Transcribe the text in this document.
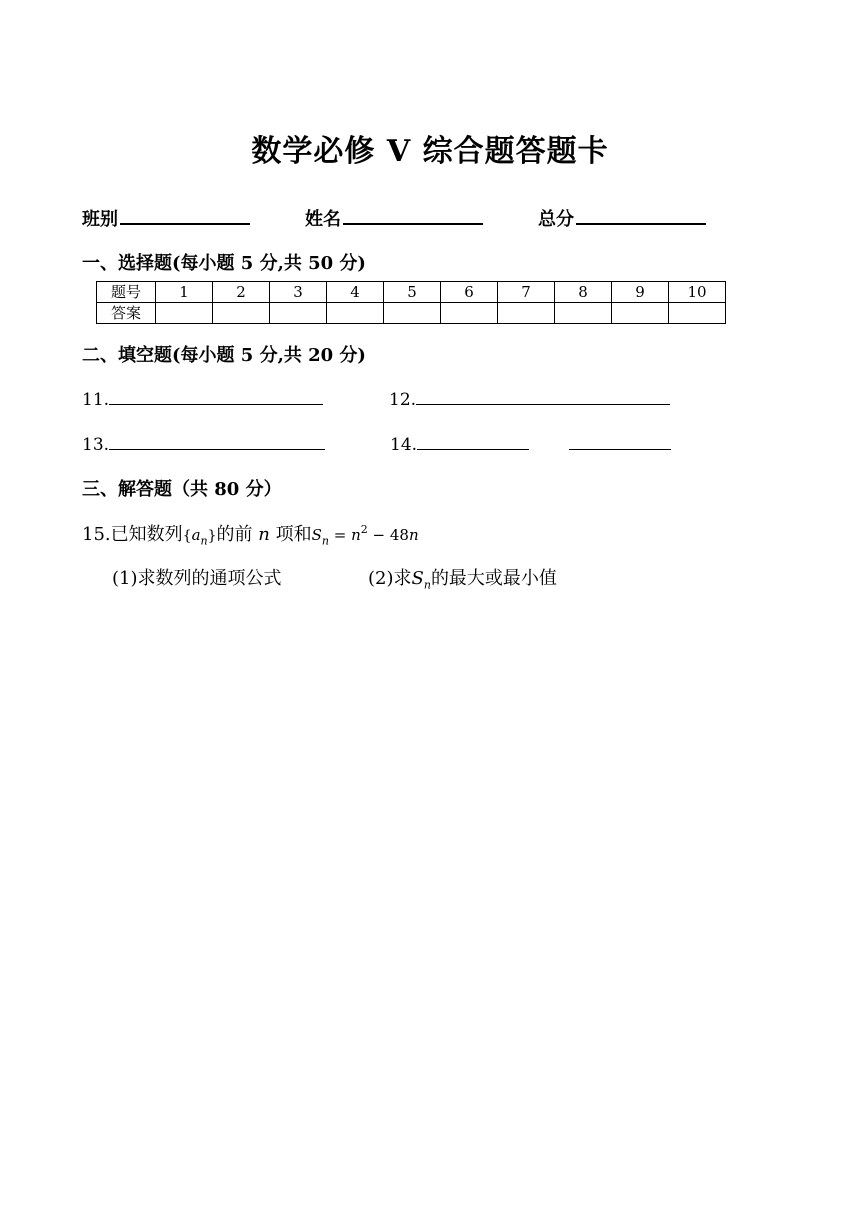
数学必修 V 综合题答题卡
班别	姓名	总分
一、选择题(每小题 5 分,共 50 分)
题号	1	2	3	4	5	6	7	8	9	10
答案										
二、填空题(每小题 5 分,共 20 分)
11.	12.
13.	14.
三、解答题（共 80 分）
15.已知数列$\{a_n\}$的前 n 项和$S_n = n^2 - 48n$
(1)求数列的通项公式	(2)求$S_n$的最大或最小值
